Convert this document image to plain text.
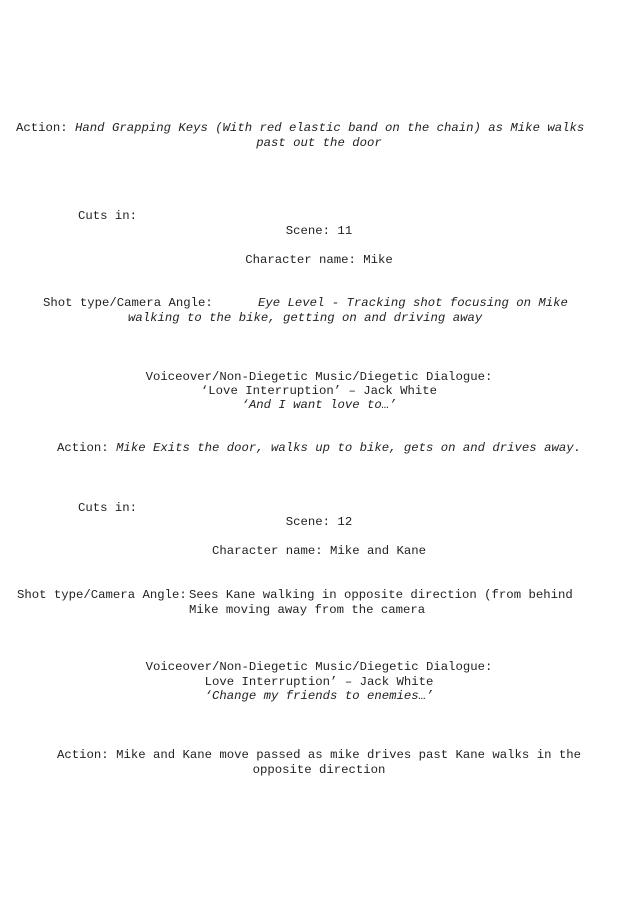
Action: Hand Grapping Keys (With red elastic band on the chain) as Mike walks
past out the door
Cuts in:
Scene: 11
Character name: Mike
Shot type/Camera Angle:	Eye Level - Tracking shot focusing on Mike
walking to the bike, getting on and driving away
Voiceover/Non-Diegetic Music/Diegetic Dialogue:
‘Love Interruption’ – Jack White
‘And I want love to…’
Action: Mike Exits the door, walks up to bike, gets on and drives away.
Cuts in:
Scene: 12
Character name: Mike and Kane
Shot type/Camera Angle: Sees Kane walking in opposite direction (from behind
Mike moving away from the camera
Voiceover/Non-Diegetic Music/Diegetic Dialogue:
Love Interruption’ – Jack White
‘Change my friends to enemies…’
Action: Mike and Kane move passed as mike drives past Kane walks in the
opposite direction
